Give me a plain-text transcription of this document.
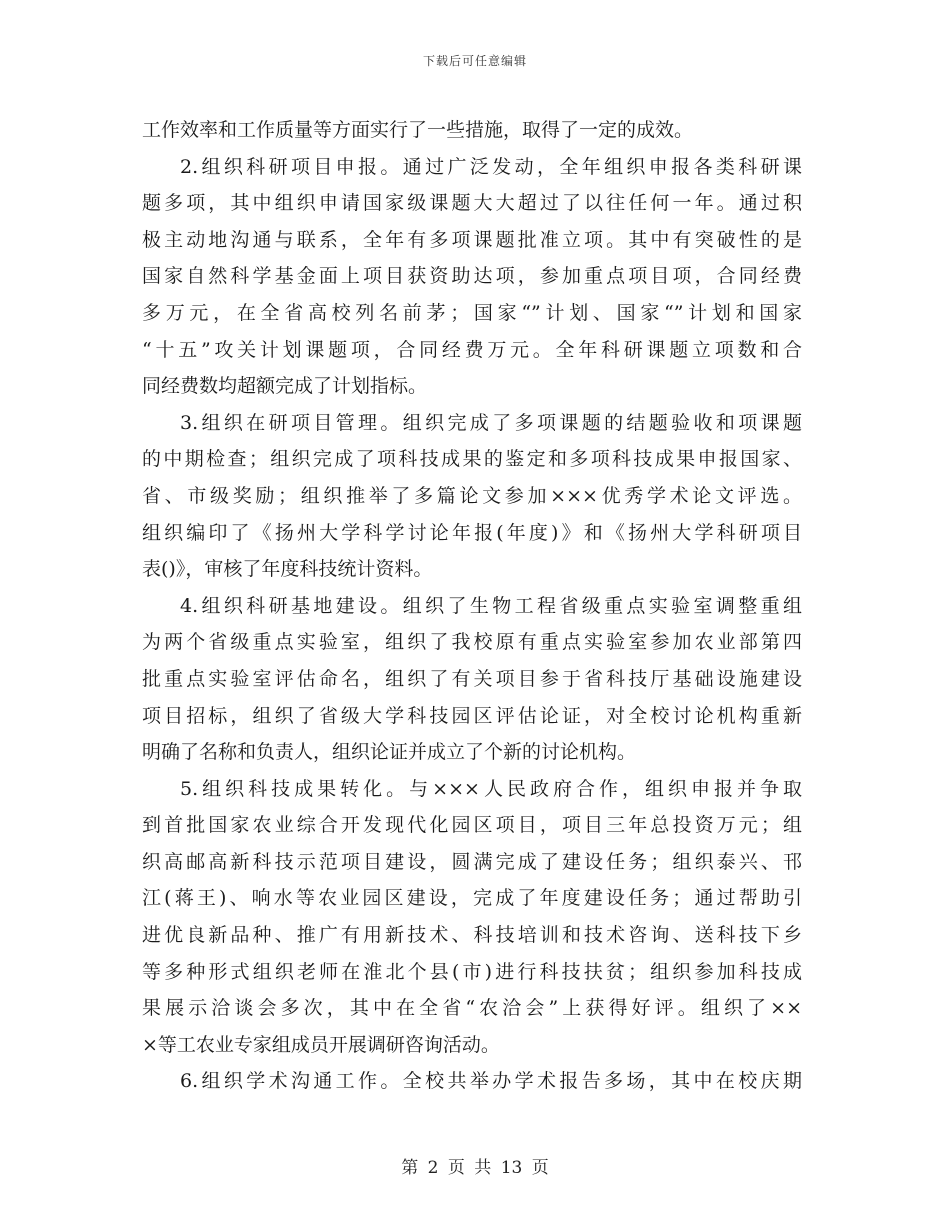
下载后可任意编辑
工作效率和工作质量等方面实行了一些措施，取得了一定的成效。
2.组织科研项目申报。通过广泛发动，全年组织申报各类科研课
题多项，其中组织申请国家级课题大大超过了以往任何一年。通过积
极主动地沟通与联系，全年有多项课题批准立项。其中有突破性的是
国家自然科学基金面上项目获资助达项，参加重点项目项，合同经费
多万元，在全省高校列名前茅；国家“”计划、国家“”计划和国家
“十五”攻关计划课题项，合同经费万元。全年科研课题立项数和合
同经费数均超额完成了计划指标。
3.组织在研项目管理。组织完成了多项课题的结题验收和项课题
的中期检查；组织完成了项科技成果的鉴定和多项科技成果申报国家、
省、市级奖励；组织推举了多篇论文参加×××优秀学术论文评选。
组织编印了《扬州大学科学讨论年报(年度)》和《扬州大学科研项目
表()》，审核了年度科技统计资料。
4.组织科研基地建设。组织了生物工程省级重点实验室调整重组
为两个省级重点实验室，组织了我校原有重点实验室参加农业部第四
批重点实验室评估命名，组织了有关项目参于省科技厅基础设施建设
项目招标，组织了省级大学科技园区评估论证，对全校讨论机构重新
明确了名称和负责人，组织论证并成立了个新的讨论机构。
5.组织科技成果转化。与×××人民政府合作，组织申报并争取
到首批国家农业综合开发现代化园区项目，项目三年总投资万元；组
织高邮高新科技示范项目建设，圆满完成了建设任务；组织泰兴、邗
江(蒋王)、响水等农业园区建设，完成了年度建设任务；通过帮助引
进优良新品种、推广有用新技术、科技培训和技术咨询、送科技下乡
等多种形式组织老师在淮北个县(市)进行科技扶贫；组织参加科技成
果展示洽谈会多次，其中在全省“农洽会”上获得好评。组织了××
×等工农业专家组成员开展调研咨询活动。
6.组织学术沟通工作。全校共举办学术报告多场，其中在校庆期
第 2 页 共 13 页
